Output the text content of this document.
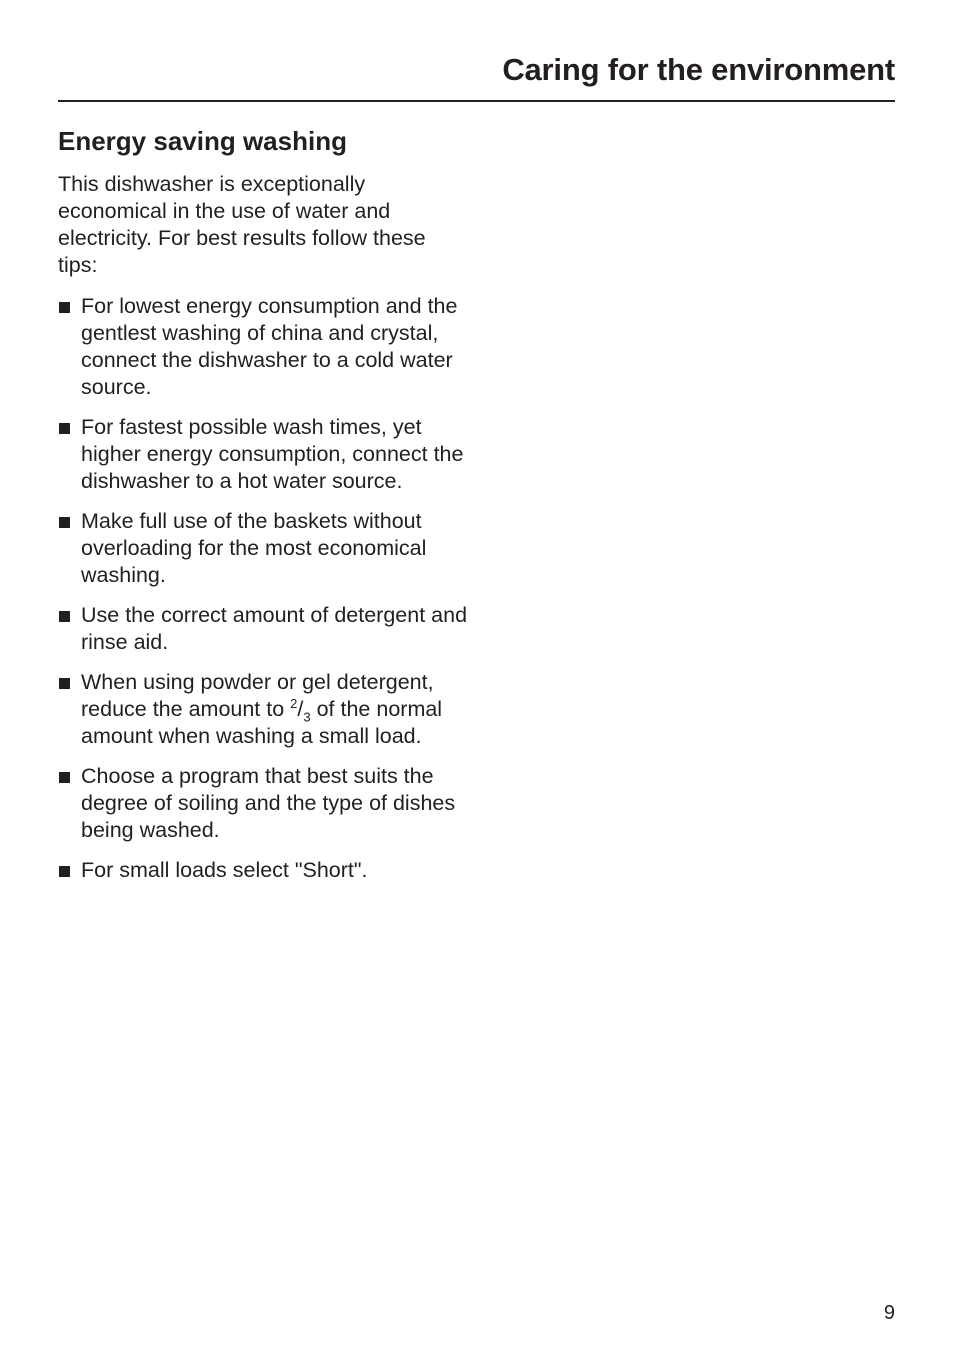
Caring for the environment
Energy saving washing

This dishwasher is exceptionally economical in the use of water and electricity. For best results follow these tips:

For lowest energy consumption and the gentlest washing of china and crystal, connect the dishwasher to a cold water source.
For fastest possible wash times, yet higher energy consumption, connect the dishwasher to a hot water source.
Make full use of the baskets without overloading for the most economical washing.
Use the correct amount of detergent and rinse aid.
When using powder or gel detergent, reduce the amount to $^2/_3$ of the normal amount when washing a small load.
Choose a program that best suits the degree of soiling and the type of dishes being washed.
For small loads select "Short".
9
